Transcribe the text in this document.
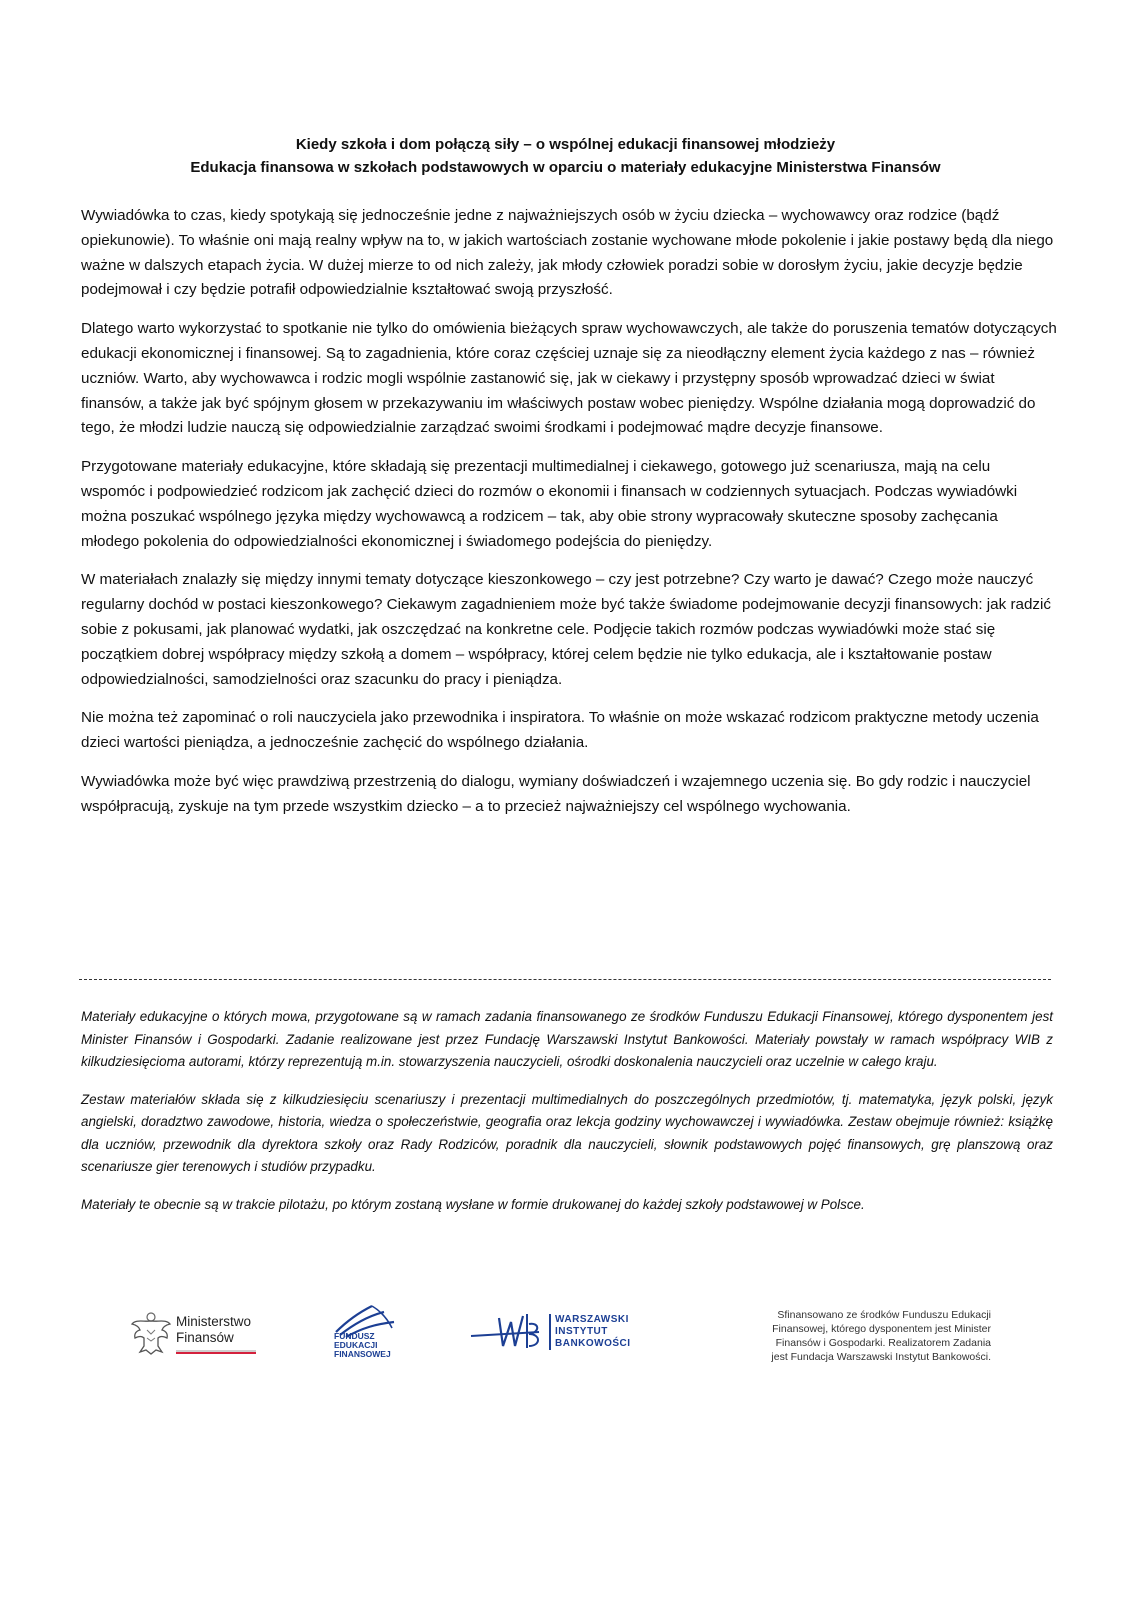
Kiedy szkoła i dom połączą siły – o wspólnej edukacji finansowej młodzieży
Edukacja finansowa w szkołach podstawowych w oparciu o materiały edukacyjne Ministerstwa Finansów

Wywiadówka to czas, kiedy spotykają się jednocześnie jedne z najważniejszych osób w życiu dziecka – wychowawcy oraz rodzice (bądź opiekunowie). To właśnie oni mają realny wpływ na to, w jakich wartościach zostanie wychowane młode pokolenie i jakie postawy będą dla niego ważne w dalszych etapach życia. W dużej mierze to od nich zależy, jak młody człowiek poradzi sobie w dorosłym życiu, jakie decyzje będzie podejmował i czy będzie potrafił odpowiedzialnie kształtować swoją przyszłość.

Dlatego warto wykorzystać to spotkanie nie tylko do omówienia bieżących spraw wychowawczych, ale także do poruszenia tematów dotyczących edukacji ekonomicznej i finansowej. Są to zagadnienia, które coraz częściej uznaje się za nieodłączny element życia każdego z nas – również uczniów. Warto, aby wychowawca i rodzic mogli wspólnie zastanowić się, jak w ciekawy i przystępny sposób wprowadzać dzieci w świat finansów, a także jak być spójnym głosem w przekazywaniu im właściwych postaw wobec pieniędzy. Wspólne działania mogą doprowadzić do tego, że młodzi ludzie nauczą się odpowiedzialnie zarządzać swoimi środkami i podejmować mądre decyzje finansowe.

Przygotowane materiały edukacyjne, które składają się prezentacji multimedialnej i ciekawego, gotowego już scenariusza, mają na celu wspomóc i podpowiedzieć rodzicom jak zachęcić dzieci do rozmów o ekonomii i finansach w codziennych sytuacjach. Podczas wywiadówki można poszukać wspólnego języka między wychowawcą a rodzicem – tak, aby obie strony wypracowały skuteczne sposoby zachęcania młodego pokolenia do odpowiedzialności ekonomicznej i świadomego podejścia do pieniędzy.

W materiałach znalazły się między innymi tematy dotyczące kieszonkowego – czy jest potrzebne? Czy warto je dawać? Czego może nauczyć regularny dochód w postaci kieszonkowego? Ciekawym zagadnieniem może być także świadome podejmowanie decyzji finansowych: jak radzić sobie z pokusami, jak planować wydatki, jak oszczędzać na konkretne cele. Podjęcie takich rozmów podczas wywiadówki może stać się początkiem dobrej współpracy między szkołą a domem – współpracy, której celem będzie nie tylko edukacja, ale i kształtowanie postaw odpowiedzialności, samodzielności oraz szacunku do pracy i pieniądza.

Nie można też zapominać o roli nauczyciela jako przewodnika i inspiratora. To właśnie on może wskazać rodzicom praktyczne metody uczenia dzieci wartości pieniądza, a jednocześnie zachęcić do wspólnego działania.

Wywiadówka może być więc prawdziwą przestrzenią do dialogu, wymiany doświadczeń i wzajemnego uczenia się. Bo gdy rodzic i nauczyciel współpracują, zyskuje na tym przede wszystkim dziecko – a to przecież najważniejszy cel wspólnego wychowania.

Materiały edukacyjne o których mowa, przygotowane są w ramach zadania finansowanego ze środków Funduszu Edukacji Finansowej, którego dysponentem jest Minister Finansów i Gospodarki. Zadanie realizowane jest przez Fundację Warszawski Instytut Bankowości. Materiały powstały w ramach współpracy WIB z kilkudziesięcioma autorami, którzy reprezentują m.in. stowarzyszenia nauczycieli, ośrodki doskonalenia nauczycieli oraz uczelnie w całego kraju.

Zestaw materiałów składa się z kilkudziesięciu scenariuszy i prezentacji multimedialnych do poszczególnych przedmiotów, tj. matematyka, język polski, język angielski, doradztwo zawodowe, historia, wiedza o społeczeństwie, geografia oraz lekcja godziny wychowawczej i wywiadówka. Zestaw obejmuje również: książkę dla uczniów, przewodnik dla dyrektora szkoły oraz Rady Rodziców, poradnik dla nauczycieli, słownik podstawowych pojęć finansowych, grę planszową oraz scenariusze gier terenowych i studiów przypadku.

Materiały te obecnie są w trakcie pilotażu, po którym zostaną wysłane w formie drukowanej do każdej szkoły podstawowej w Polsce.

Ministerstwo
Finansów	FUNDUSZ
EDUKACJI
FINANSOWEJ
WARSZAWSKI
INSTYTUT
BANKOWOŚCI
Sfinansowano ze środków Funduszu Edukacji
Finansowej, którego dysponentem jest Minister
Finansów i Gospodarki. Realizatorem Zadania
jest Fundacja Warszawski Instytut Bankowości.
